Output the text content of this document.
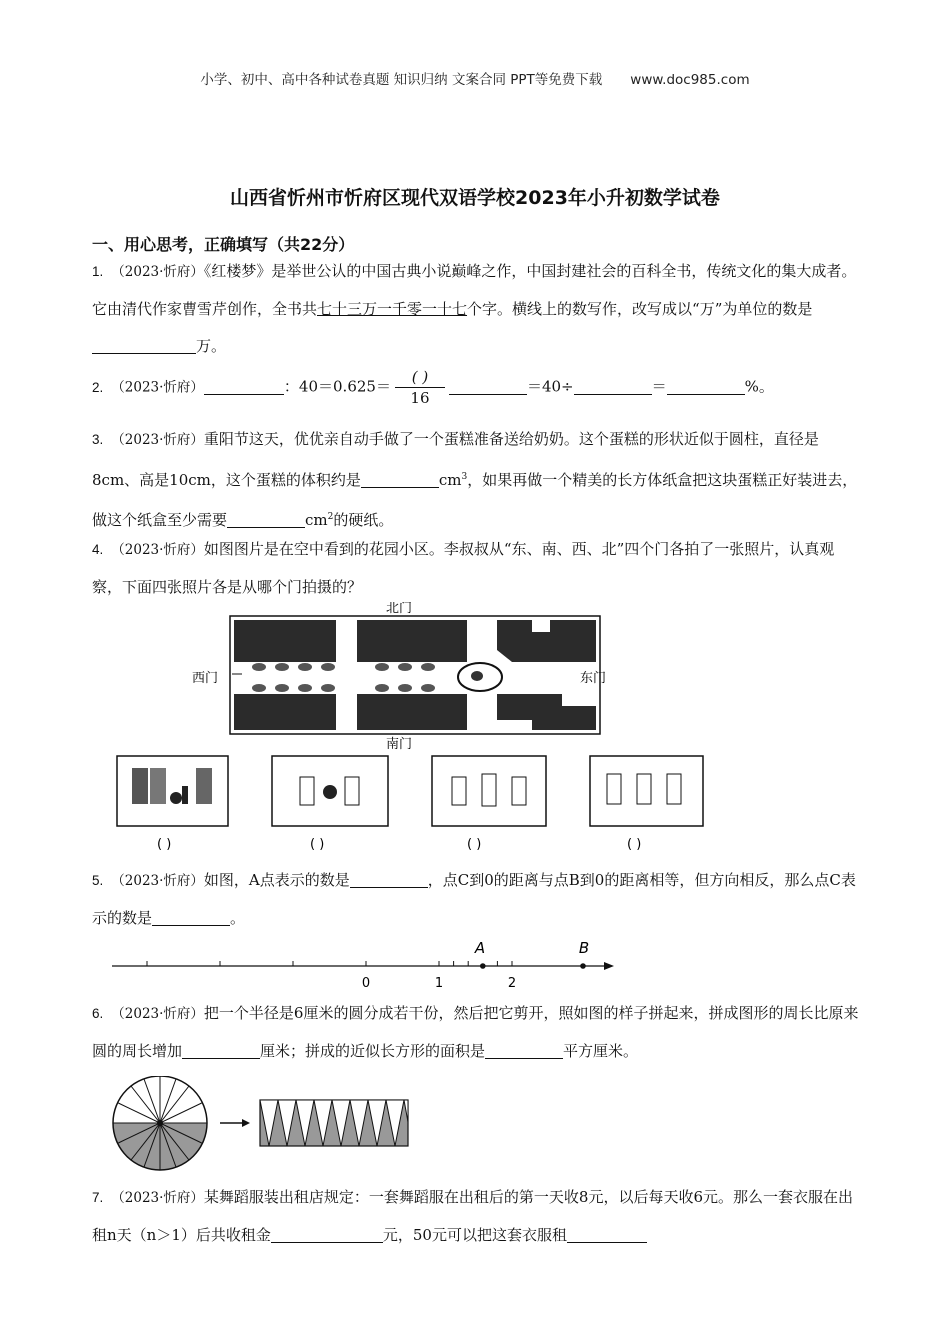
小学、初中、高中各种试卷真题 知识归纳 文案合同 PPT等免费下载 www.doc985.com
山西省忻州市忻府区现代双语学校2023年小升初数学试卷
一、用心思考，正确填写（共22分）
1. （2023·忻府）《红楼梦》是举世公认的中国古典小说巅峰之作，中国封建社会的百科全书，传统文化的集大成者。它由清代作家曹雪芹创作，全书共七十三万一千零一十七个字。横线上的数写作，改写成以“万”为单位的数是万。
2. （2023·忻府）	：$40=0.625= \frac{( )}{16}$	＝40÷	＝	%。
3. （2023·忻府）重阳节这天，优优亲自动手做了一个蛋糕准备送给奶奶。这个蛋糕的形状近似于圆柱，直径是8cm、高是10cm，这个蛋糕的体积约是	$cm^3$，如果再做一个精美的长方体纸盒把这块蛋糕正好装进去，做这个纸盒至少需要	$cm^2$的硬纸。
4. （2023·忻府）如图图片是在空中看到的花园小区。李叔叔从“东、南、西、北”四个门各拍了一张照片，认真观察，下面四张照片各是从哪个门拍摄的？
北门
南门
西门	东门
( )	( )	( )	( )
5. （2023·忻府）如图，A点表示的数是	，点C到0的距离与点B到0的距离相等，但方向相反，那么点C表示的数是	。
A	B
0	1	2
6. （2023·忻府）把一个半径是6厘米的圆分成若干份，然后把它剪开，照如图的样子拼起来，拼成图形的周长比原来圆的周长增加	厘米；拼成的近似长方形的面积是	平方厘米。
7. （2023·忻府）某舞蹈服装出租店规定：一套舞蹈服在出租后的第一天收8元，以后每天收6元。那么一套衣服在出租n天（n＞1）后共收租金	元，50元可以把这套衣服租
